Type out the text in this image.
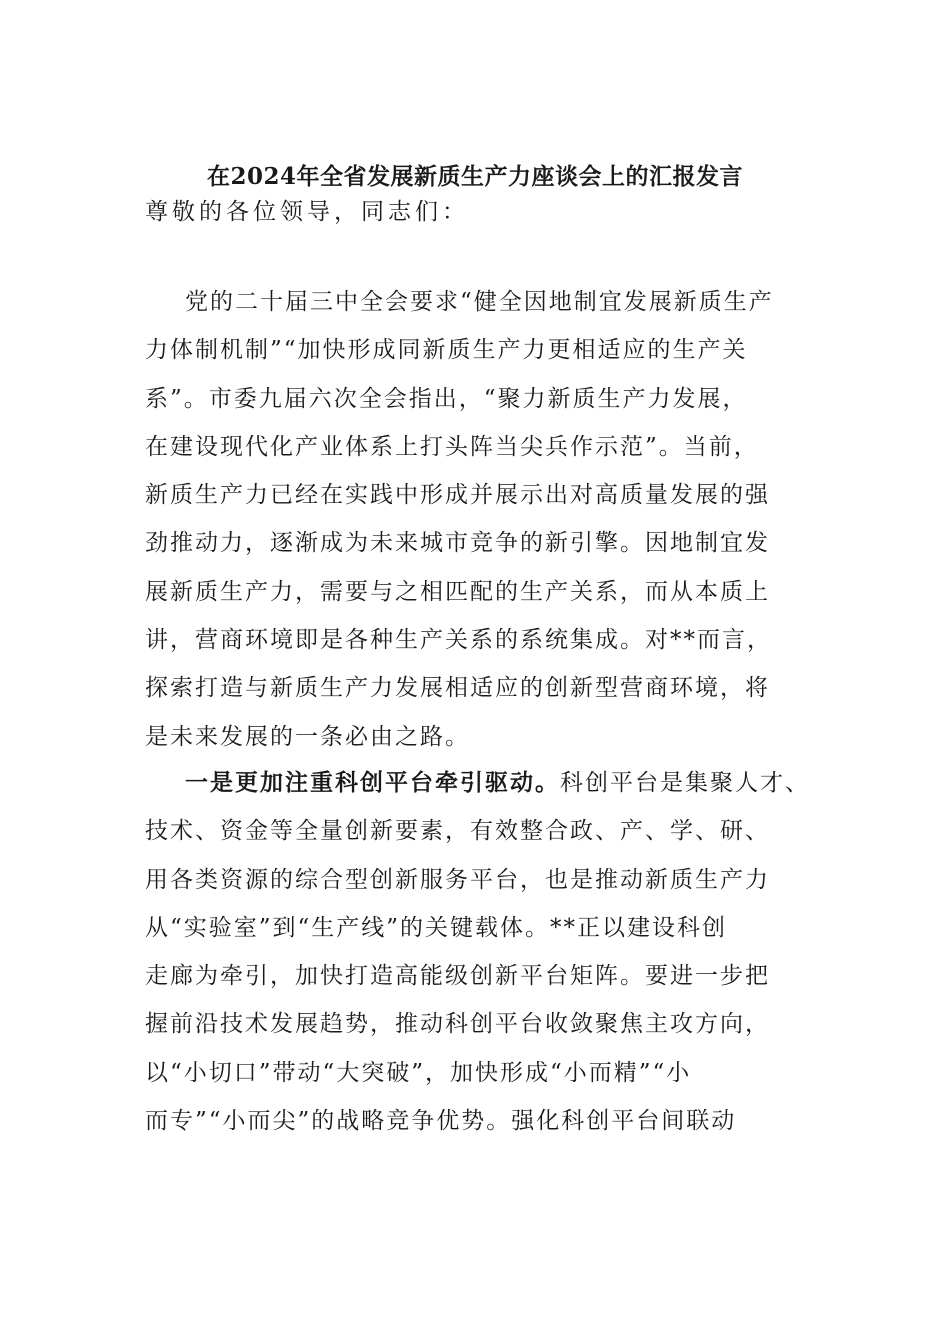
在2024年全省发展新质生产力座谈会上的汇报发言
尊敬的各位领导，同志们：
党的二十届三中全会要求“健全因地制宜发展新质生产
力体制机制”“加快形成同新质生产力更相适应的生产关
系”。市委九届六次全会指出，“聚力新质生产力发展，
在建设现代化产业体系上打头阵当尖兵作示范”。当前，
新质生产力已经在实践中形成并展示出对高质量发展的强
劲推动力，逐渐成为未来城市竞争的新引擎。因地制宜发
展新质生产力，需要与之相匹配的生产关系，而从本质上
讲，营商环境即是各种生产关系的系统集成。对**而言，
探索打造与新质生产力发展相适应的创新型营商环境，将
是未来发展的一条必由之路。
一是更加注重科创平台牵引驱动。科创平台是集聚人才、
技术、资金等全量创新要素，有效整合政、产、学、研、
用各类资源的综合型创新服务平台，也是推动新质生产力
从“实验室”到“生产线”的关键载体。**正以建设科创
走廊为牵引，加快打造高能级创新平台矩阵。要进一步把
握前沿技术发展趋势，推动科创平台收敛聚焦主攻方向，
以“小切口”带动“大突破”，加快形成“小而精”“小
而专”“小而尖”的战略竞争优势。强化科创平台间联动
